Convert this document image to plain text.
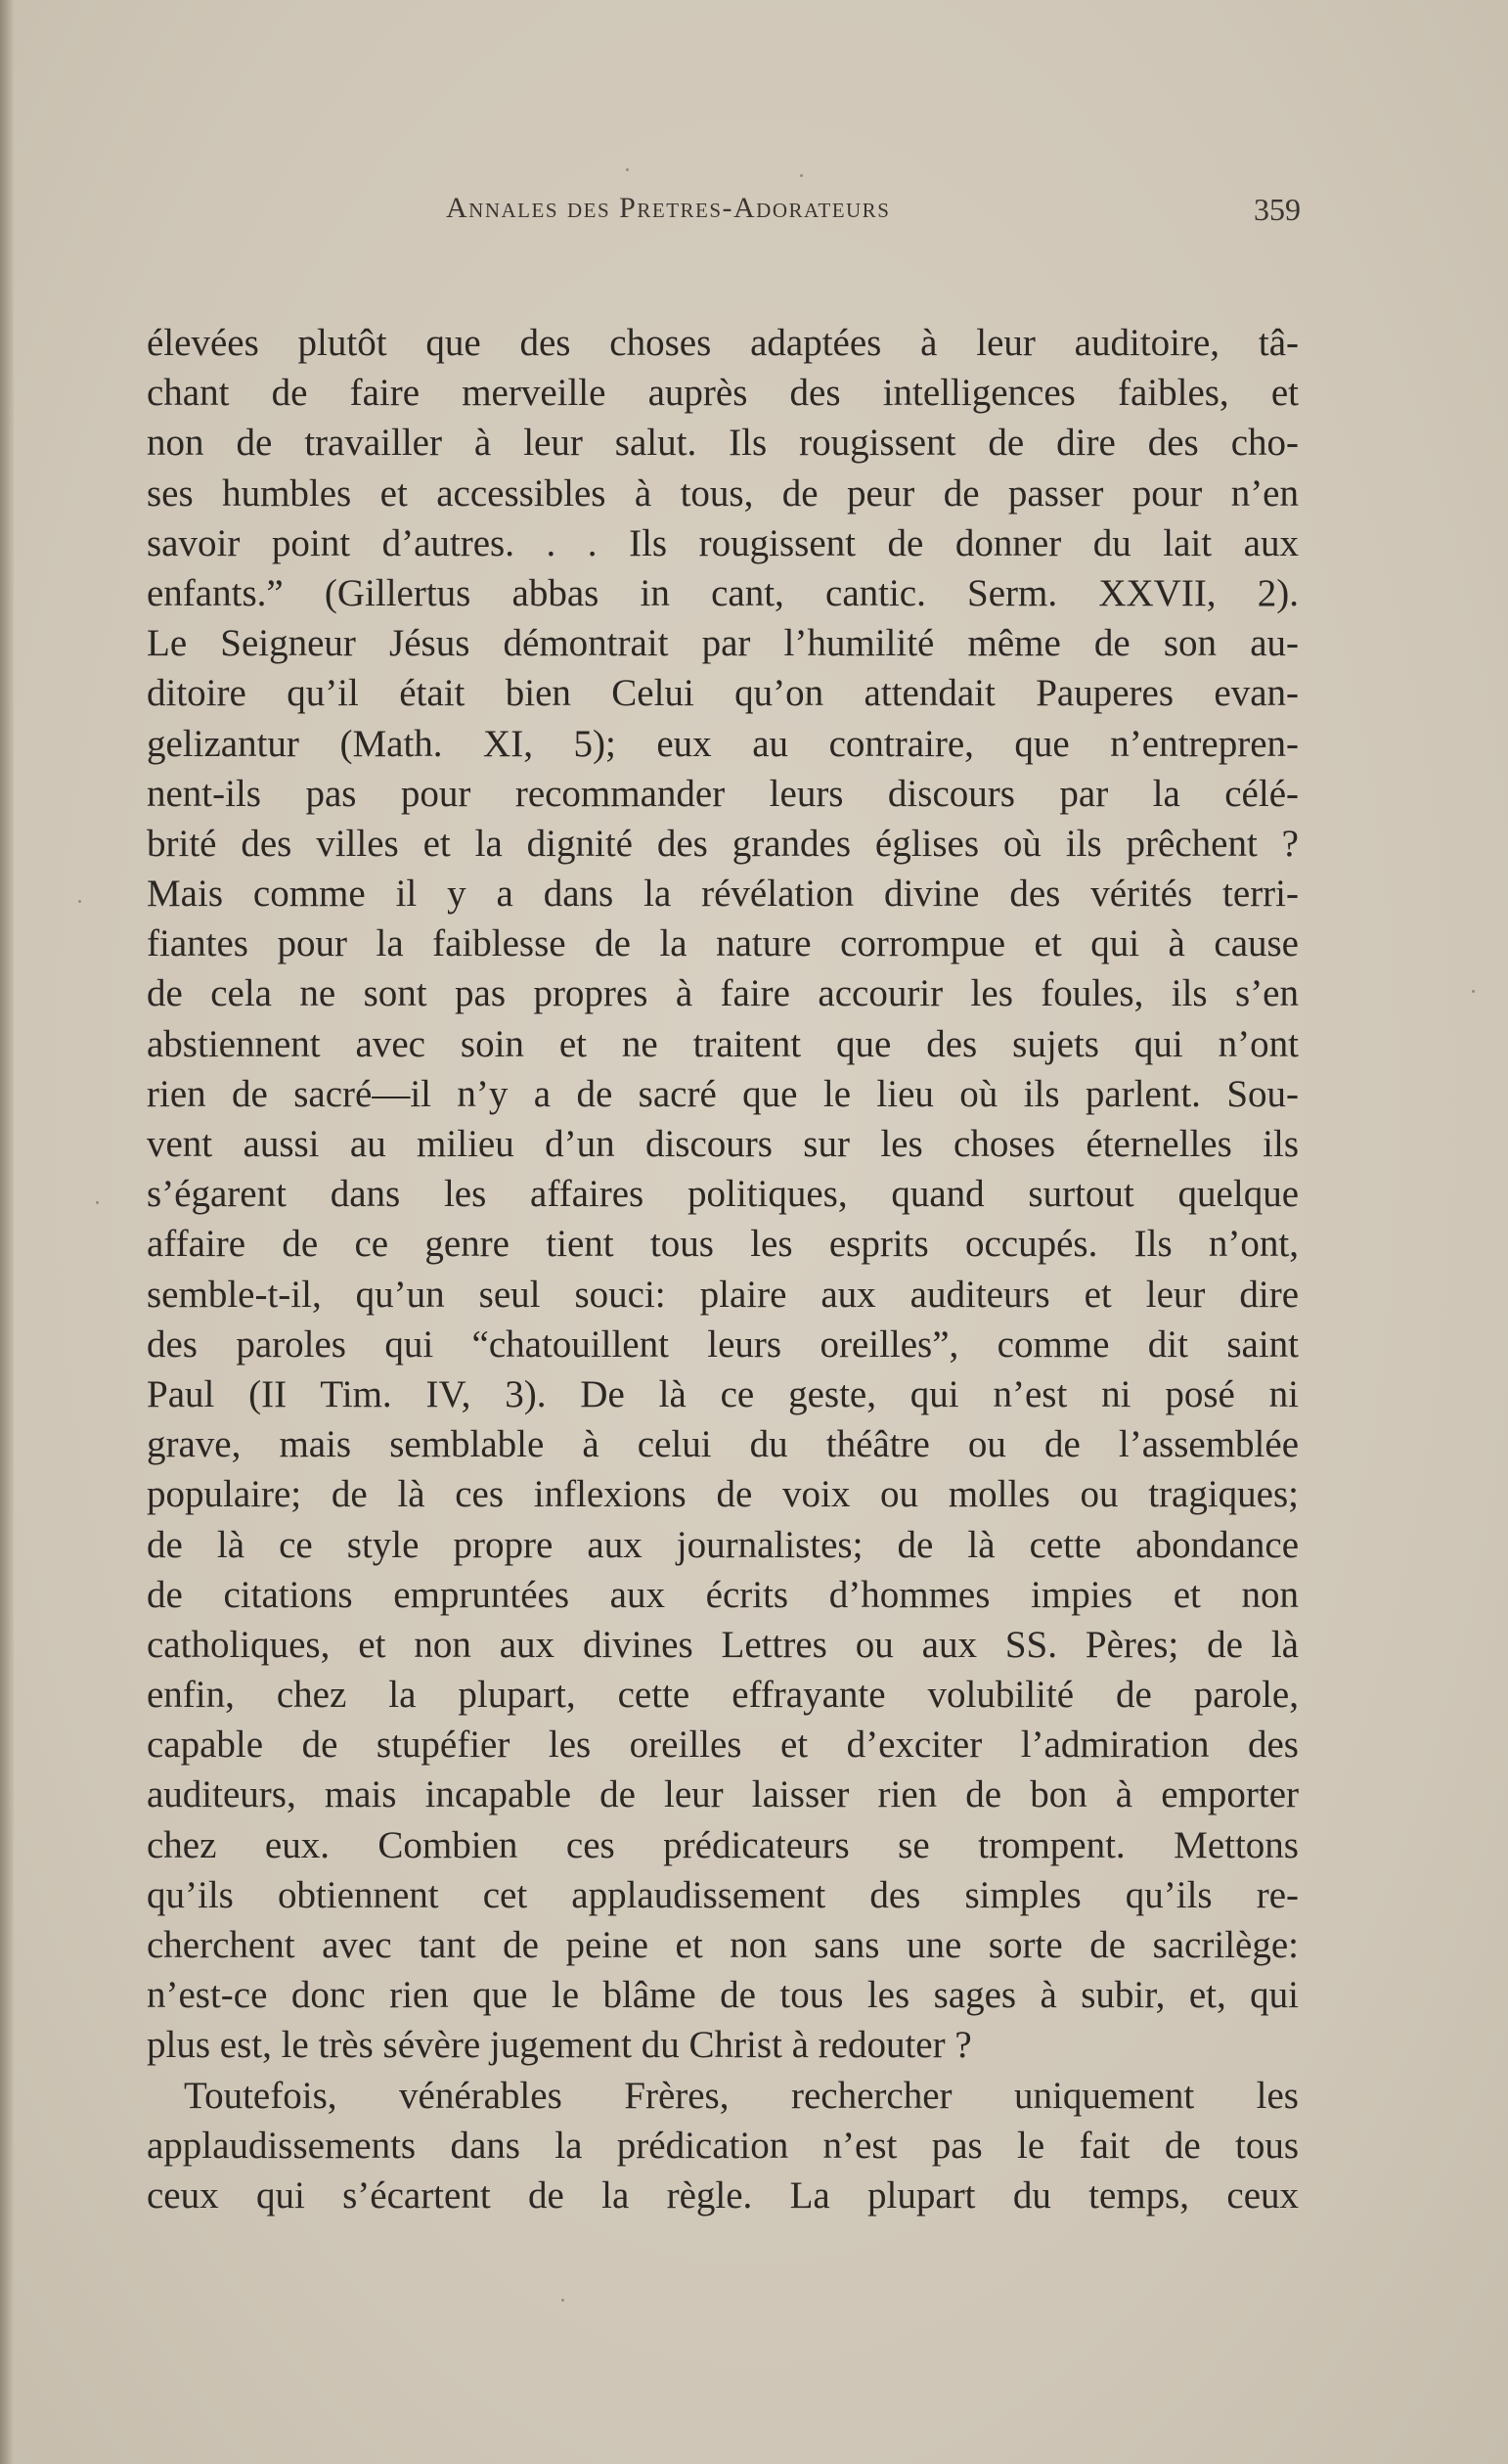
Annales des Pretres-Adorateurs	359
élevées plutôt que des choses adaptées à leur auditoire, tâ-
chant de faire merveille auprès des intelligences faibles, et
non de travailler à leur salut. Ils rougissent de dire des cho-
ses humbles et accessibles à tous, de peur de passer pour n’en
savoir point d’autres. . . Ils rougissent de donner du lait aux
enfants.” (Gillertus abbas in cant, cantic. Serm. XXVII, 2).
Le Seigneur Jésus démontrait par l’humilité même de son au-
ditoire qu’il était bien Celui qu’on attendait Pauperes evan-
gelizantur (Math. XI, 5); eux au contraire, que n’entrepren-
nent-ils pas pour recommander leurs discours par la célé-
brité des villes et la dignité des grandes églises où ils prêchent ?
Mais comme il y a dans la révélation divine des vérités terri-
fiantes pour la faiblesse de la nature corrompue et qui à cause
de cela ne sont pas propres à faire accourir les foules, ils s’en
abstiennent avec soin et ne traitent que des sujets qui n’ont
rien de sacré—il n’y a de sacré que le lieu où ils parlent. Sou-
vent aussi au milieu d’un discours sur les choses éternelles ils
s’égarent dans les affaires politiques, quand surtout quelque
affaire de ce genre tient tous les esprits occupés. Ils n’ont,
semble-t-il, qu’un seul souci: plaire aux auditeurs et leur dire
des paroles qui “chatouillent leurs oreilles”, comme dit saint
Paul (II Tim. IV, 3). De là ce geste, qui n’est ni posé ni
grave, mais semblable à celui du théâtre ou de l’assemblée
populaire; de là ces inflexions de voix ou molles ou tragiques;
de là ce style propre aux journalistes; de là cette abondance
de citations empruntées aux écrits d’hommes impies et non
catholiques, et non aux divines Lettres ou aux SS. Pères; de là
enfin, chez la plupart, cette effrayante volubilité de parole,
capable de stupéfier les oreilles et d’exciter l’admiration des
auditeurs, mais incapable de leur laisser rien de bon à emporter
chez eux. Combien ces prédicateurs se trompent. Mettons
qu’ils obtiennent cet applaudissement des simples qu’ils re-
cherchent avec tant de peine et non sans une sorte de sacrilège:
n’est-ce donc rien que le blâme de tous les sages à subir, et, qui
plus est, le très sévère jugement du Christ à redouter ?
Toutefois, vénérables Frères, rechercher uniquement les
applaudissements dans la prédication n’est pas le fait de tous
ceux qui s’écartent de la règle. La plupart du temps, ceux
